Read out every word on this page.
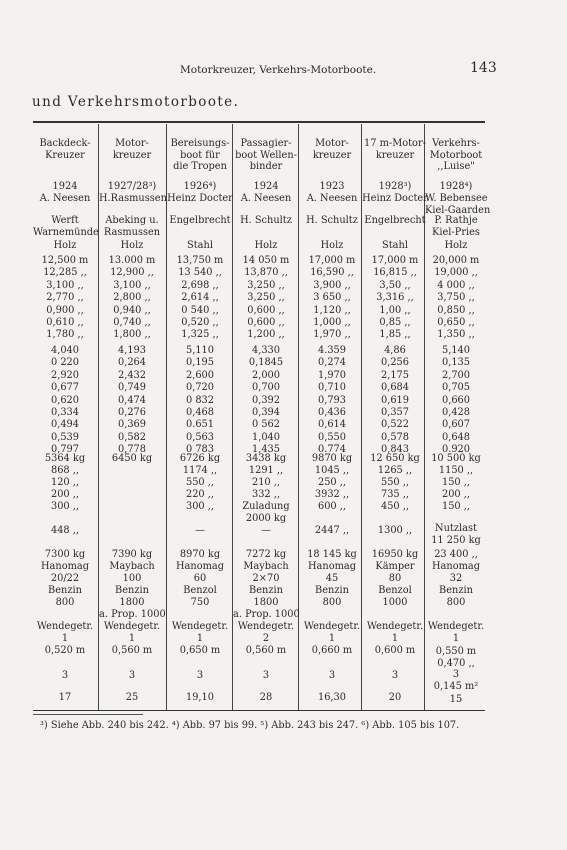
Motorkreuzer, Verkehrs-Motorboote.	143
und Verkehrsmotorboote.
Backdeck-
Kreuzer
1924
A. Neesen
Werft
Warnemünde
Holz
12,500 m
12,285 ,,
3,100 ,,
2,770 ,,
0,900 ,,
0,610 ,,
1,780 ,,
4,040
0 220
2,920
0,677
0,620
0,334
0,494
0,539
0,797
5364 kg
868 ,,
120 ,,
200 ,,
300 ,,
448 ,,
7300 kg
Hanomag
20/22
Benzin
800
Wendegetr.
1
0,520 m
3
17
Motor-
kreuzer
1927/28³)
H.Rasmussen
Abeking u.
Rasmussen
Holz
13.000 m
12,900 ,,
3,100 ,,
2,800 ,,
0,940 ,,
0,740 ,,
1,800 ,,
4,193
0,264
2,432
0,749
0,474
0,276
0,369
0,582
0,778
6450 kg
7390 kg
Maybach
100
Benzin
1800
a. Prop. 1000
Wendegetr.
1
0,560 m
3
25
Bereisungs-
boot für
die Tropen
1926⁴)
Heinz Docter
Engelbrecht
Stahl
13,750 m
13 540 ,,
2,698 ,,
2,614 ,,
0 540 ,,
0,520 ,,
1,325 ,,
5,110
0,195
2,600
0,720
0 832
0,468
0.651
0,563
0 783
6726 kg
1174 ,,
550 ,,
220 ,,
300 ,,
—
8970 kg
Hanomag
60
Benzol
750
Wendegetr.
1
0,650 m
3
19,10
Passagier-
boot Wellen-
binder
1924
A. Neesen
H. Schultz
Holz
14 050 m
13,870 ,,
3,250 ,,
3,250 ,,
0,600 ,,
0,600 ,,
1,200 ,,
4,330
0,1845
2,000
0,700
0,392
0,394
0 562
1,040
1,435
3438 kg
1291 ,,
210 ,,
332 ,,
Zuladung
2000 kg
—
7272 kg
Maybach
2×70
Benzin
1800
a. Prop. 1000
Wendegetr.
2
0,560 m
3
28
Motor-
kreuzer
1923
A. Neesen
H. Schultz
Holz
17,000 m
16,590 ,,
3,900 ,,
3 650 ,,
1,120 ,,
1,000 ,,
1,970 ,,
4.359
0,274
1,970
0,710
0,793
0,436
0,614
0,550
0.774
9870 kg
1045 ,,
250 ,,
3932 ,,
600 ,,
2447 ,,
18 145 kg
Hanomag
45
Benzin
800
Wendegetr.
1
0,660 m
3
16,30
17 m-Motor-
kreuzer
1928³)
Heinz Docter
Engelbrecht
Stahl
17,000 m
16,815 ,,
3,50 ,,
3,316 ,,
1,00 ,,
0,85 ,,
1,85 ,,
4,86
0,256
2,175
0,684
0,619
0,357
0,522
0,578
0,843
12 650 kg
1265 ,,
550 ,,
735 ,,
450 ,,
1300 ,,
16950 kg
Kämper
80
Benzol
1000
Wendegetr.
1
0,600 m
3
20
Verkehrs-
Motorboot
,,Luise"
1928⁴)
W. Bebensee
Kiel-Gaarden
P. Rathje
Kiel-Pries
Holz
20,000 m
19,000 ,,
4 000 ,,
3,750 ,,
0,850 ,,
0,650 ,,
1,350 ,,
5,140
0,135
2,700
0,705
0,660
0,428
0,607
0,648
0.920
10 500 kg
1150 ,,
150 ,,
200 ,,
150 ,,
Nutzlast
11 250 kg
23 400 ,,
Hanomag
32
Benzin
800
Wendegetr.
1
0,550 m
0,470 ,,
3
0,145 m²
15
³) Siehe Abb. 240 bis 242. ⁴) Abb. 97 bis 99. ⁵) Abb. 243 bis 247. ⁶) Abb. 105 bis 107.
